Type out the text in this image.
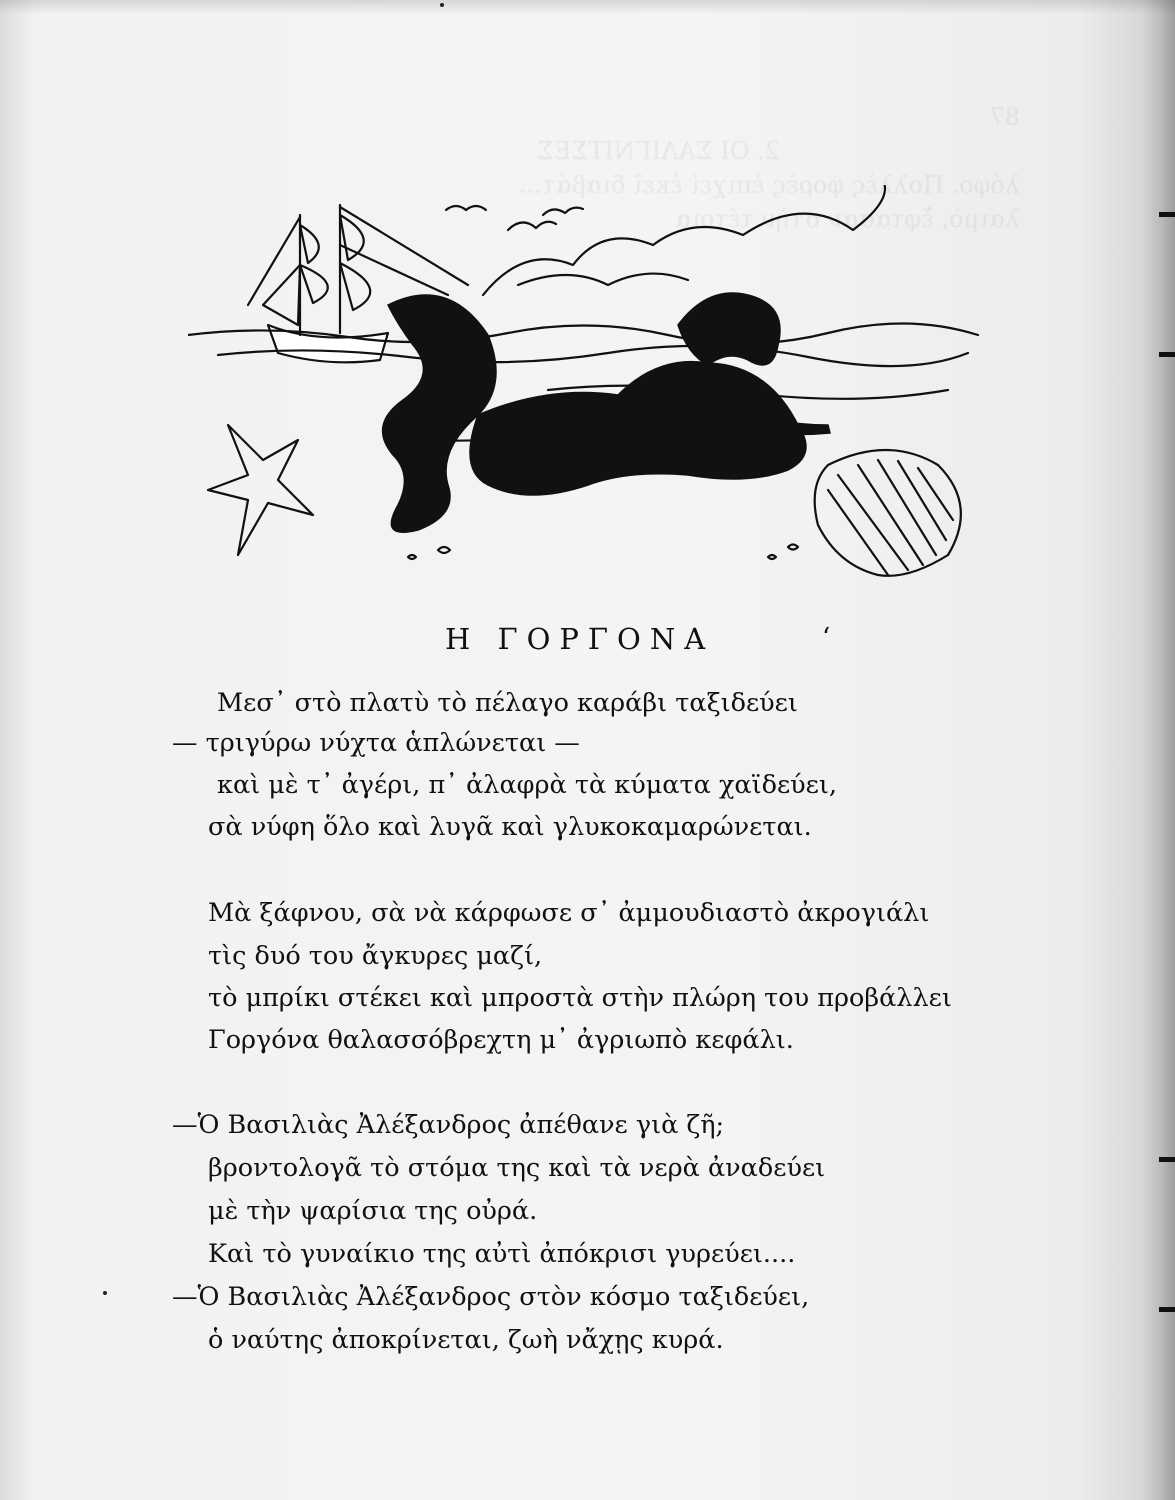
87
2. ΟΙ ΣΑΛΙΓΝΙΤΣΕΣ
λόφο. Πολλὲς φορὲς ἐπιχεί ἐκεῖ διαβάτ...
λαιμὸ, ἔφτασαν στὴν τέτοια
Η ΓΟΡΓΟΝΑ	ʻ
Μεσ᾽ στὸ πλατὺ τὸ πέλαγο καράβι ταξιδεύει
— τριγύρω νύχτα ἁπλώνεται —
καὶ μὲ τ᾽ ἀγέρι, π᾽ ἀλαφρὰ τὰ κύματα χαϊδεύει,
σὰ νύφη ὅλο καὶ λυγᾶ καὶ γλυκοκαμαρώνεται.
Μὰ ξάφνου, σὰ νὰ κάρφωσε σ᾽ ἀμμουδιαστὸ ἀκρογιάλι
τὶς δυό του ἄγκυρες μαζί,
τὸ μπρίκι στέκει καὶ μπροστὰ στὴν πλώρη του προβάλλει
Γοργόνα θαλασσόβρεχτη μ᾽ ἀγριωπὸ κεφάλι.
—Ὁ Βασιλιὰς Ἀλέξανδρος ἀπέθανε γιὰ ζῆ;
βροντολογᾶ τὸ στόμα της καὶ τὰ νερὰ ἀναδεύει
μὲ τὴν ψαρίσια της οὐρά.
Καὶ τὸ γυναίκιο της αὐτὶ ἀπόκρισι γυρεύει....
—Ὁ Βασιλιὰς Ἀλέξανδρος στὸν κόσμο ταξιδεύει,
ὁ ναύτης ἀποκρίνεται, ζωὴ νἄχῃς κυρά.
